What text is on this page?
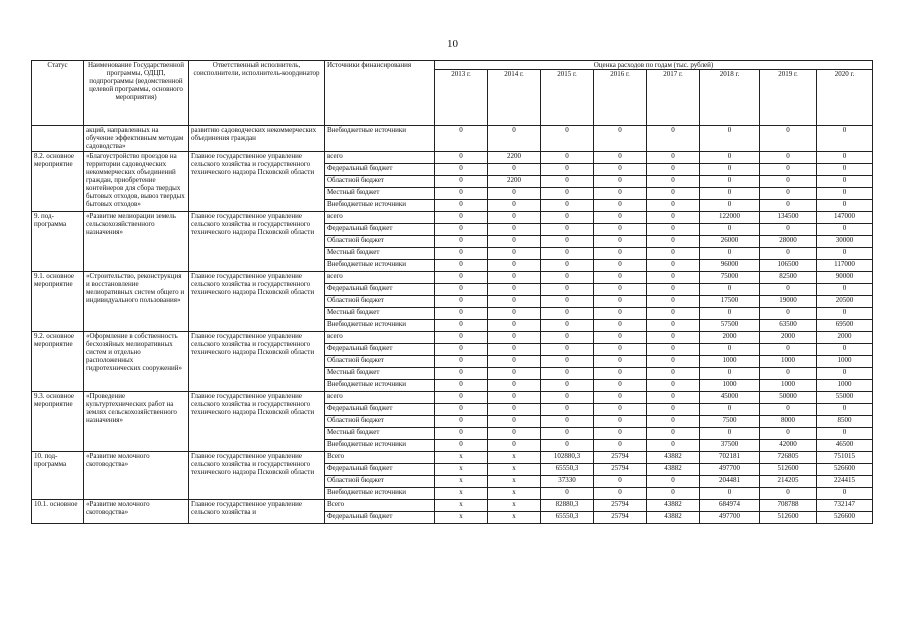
10
Статус	Наименование Государственной программы, ОДЦП, подпрограммы (ведомственной целевой программы, основного мероприятия)	Ответственный исполнитель, соисполнители, исполнитель-координатор	Источники финансирования	Оценка расходов по годам (тыс. рублей)							
				2013 г.	2014 г.	2015 г.	2016 г.	2017 г.	2018 г.	2019 г.	2020 г.
	акций, направленных на обучение эффективным методам садоводства»	развитию садоводческих некоммерческих объединения граждан	Внебюджетные источники	0	0	0	0	0	0	0	0
8.2. основное мероприятие	«Благоустройство проездов на территории садоводческих некоммерческих объединений граждан, приобретение контейнеров для сбора твердых бытовых отходов, вывоз твердых бытовых отходов»	Главное государственное управление сельского хозяйства и государственного технического надзора Псковской области	всего	0	2200	0	0	0	0	0	0
			Федеральный бюджет	0	0	0	0	0	0	0	0
			Областной бюджет	0	2200	0	0	0	0	0	0
			Местный бюджет	0	0	0	0	0	0	0	0
			Внебюджетные источники	0	0	0	0	0	0	0	0
9. под-программа	«Развитие мелиорации земель сельскохозяйственного назначения»	Главное государственное управление сельского хозяйства и государственного технического надзора Псковской области	всего	0	0	0	0	0	122000	134500	147000
			Федеральный бюджет	0	0	0	0	0	0	0	0
			Областной бюджет	0	0	0	0	0	26000	28000	30000
			Местный бюджет	0	0	0	0	0	0	0	0
			Внебюджетные источники	0	0	0	0	0	96000	106500	117000
9.1. основное мероприятие	«Строительство, реконструкция и восстановление мелиоративных систем общего и индивидуального пользования»	Главное государственное управление сельского хозяйства и государственного технического надзора Псковской области	всего	0	0	0	0	0	75000	82500	90000
			Федеральный бюджет	0	0	0	0	0	0	0	0
			Областной бюджет	0	0	0	0	0	17500	19000	20500
			Местный бюджет	0	0	0	0	0	0	0	0
			Внебюджетные источники	0	0	0	0	0	57500	63500	69500
9.2. основное мероприятие	«Оформление в собственность бесхозяйных мелиоративных систем и отдельно расположенных гидротехнических сооружений»	Главное государственное управление сельского хозяйства и государственного технического надзора Псковской области	всего	0	0	0	0	0	2000	2000	2000
			Федеральный бюджет	0	0	0	0	0	0	0	0
			Областной бюджет	0	0	0	0	0	1000	1000	1000
			Местный бюджет	0	0	0	0	0	0	0	0
			Внебюджетные источники	0	0	0	0	0	1000	1000	1000
9.3. основное мероприятие	«Проведение культуртехнических работ на землях сельскохозяйственного назначения»	Главное государственное управление сельского хозяйства и государственного технического надзора Псковской области	всего	0	0	0	0	0	45000	50000	55000
			Федеральный бюджет	0	0	0	0	0	0	0	0
			Областной бюджет	0	0	0	0	0	7500	8000	8500
			Местный бюджет	0	0	0	0	0	0	0	0
			Внебюджетные источники	0	0	0	0	0	37500	42000	46500
10. под-программа	«Развитие молочного скотоводства»	Главное государственное управление сельского хозяйства и государственного технического надзора Псковской области	Всего	x	x	102880,3	25794	43882	702181	726805	751015
			Федеральный бюджет	x	x	65550,3	25794	43882	497700	512600	526600
			Областной бюджет	x	x	37330	0	0	204481	214205	224415
			Внебюджетные источники	x	x	0	0	0	0	0	0
10.1. основное	«Развитие молочного скотоводства»	Главное государственное управление сельского хозяйства и	Всего	x	x	82880,3	25794	43882	684974	708788	732147
			Федеральный бюджет	x	x	65550,3	25794	43882	497700	512600	526600
